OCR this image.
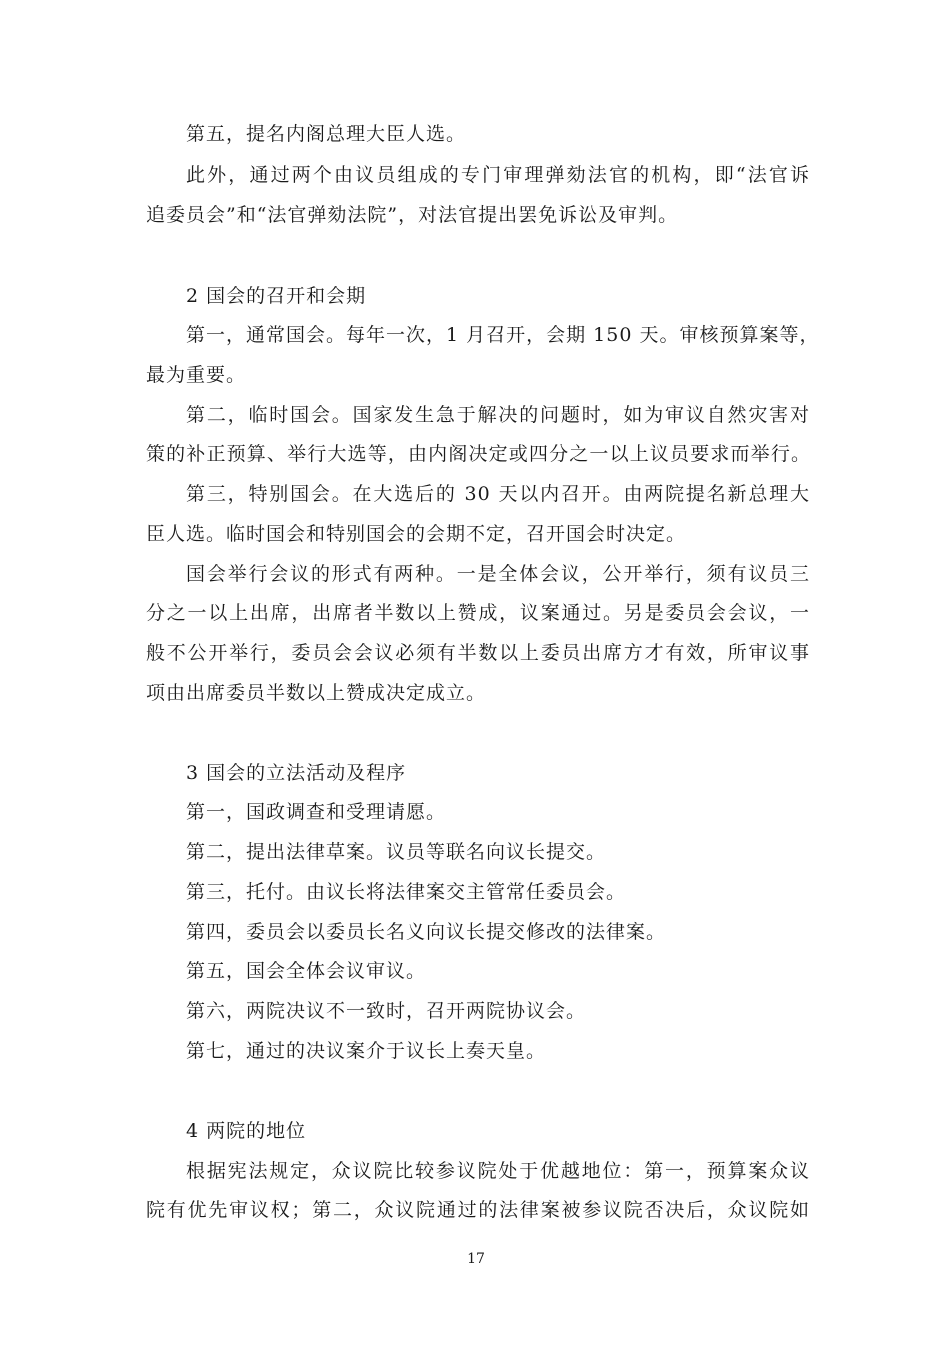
第五，提名内阁总理大臣人选。
此外，通过两个由议员组成的专门审理弹劾法官的机构，即“法官诉
追委员会”和“法官弹劾法院”，对法官提出罢免诉讼及审判。
2 国会的召开和会期
第一，通常国会。每年一次，1 月召开，会期 150 天。审核预算案等，
最为重要。
第二，临时国会。国家发生急于解决的问题时，如为审议自然灾害对
策的补正预算、举行大选等，由内阁决定或四分之一以上议员要求而举行。
第三，特别国会。在大选后的 30 天以内召开。由两院提名新总理大
臣人选。临时国会和特别国会的会期不定，召开国会时决定。
国会举行会议的形式有两种。一是全体会议，公开举行，须有议员三
分之一以上出席，出席者半数以上赞成，议案通过。另是委员会会议，一
般不公开举行，委员会会议必须有半数以上委员出席方才有效，所审议事
项由出席委员半数以上赞成决定成立。
3 国会的立法活动及程序
第一，国政调查和受理请愿。
第二，提出法律草案。议员等联名向议长提交。
第三，托付。由议长将法律案交主管常任委员会。
第四，委员会以委员长名义向议长提交修改的法律案。
第五，国会全体会议审议。
第六，两院决议不一致时，召开两院协议会。
第七，通过的决议案介于议长上奏天皇。
4 两院的地位
根据宪法规定，众议院比较参议院处于优越地位：第一，预算案众议
院有优先审议权；第二，众议院通过的法律案被参议院否决后，众议院如
17
